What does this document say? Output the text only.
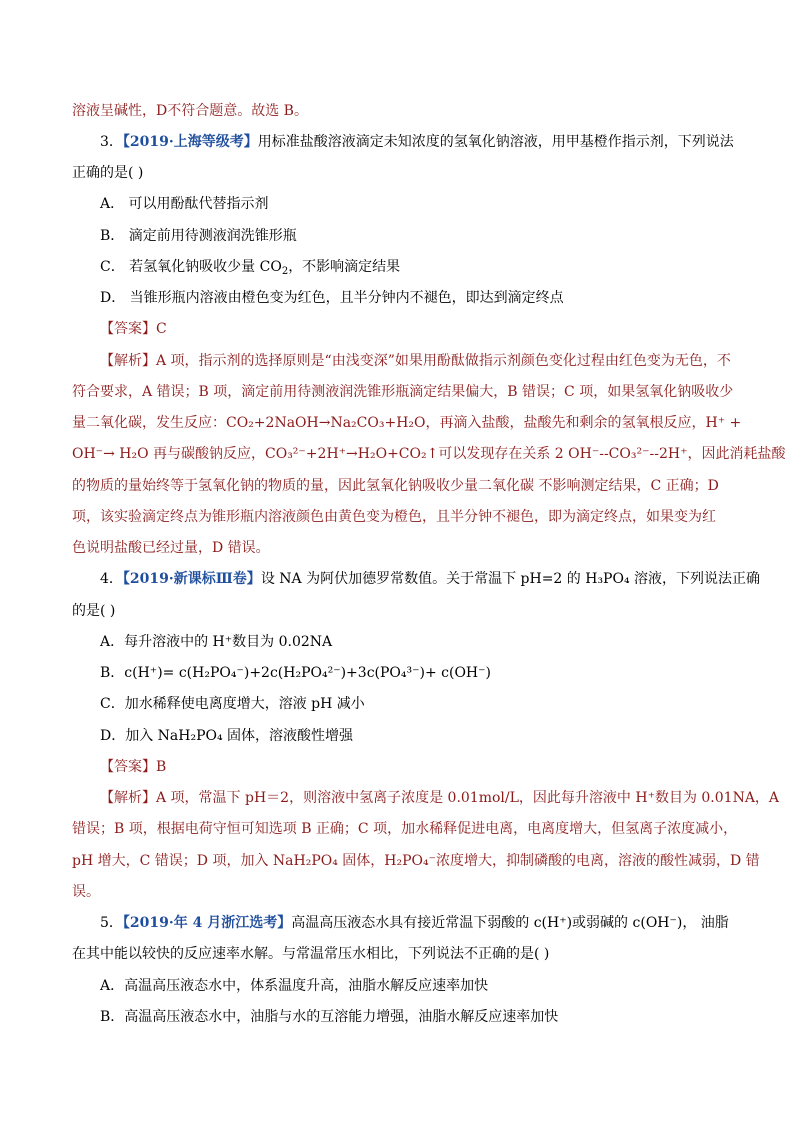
溶液呈碱性，D不符合题意。故选 B。
3．【2019·上海等级考】用标准盐酸溶液滴定未知浓度的氢氧化钠溶液，用甲基橙作指示剂，下列说法
正确的是( )
A． 可以用酚酞代替指示剂
B． 滴定前用待测液润洗锥形瓶
C． 若氢氧化钠吸收少量 $CO_2$，不影响滴定结果
D． 当锥形瓶内溶液由橙色变为红色，且半分钟内不褪色，即达到滴定终点
【答案】C
【解析】A 项，指示剂的选择原则是“由浅变深”如果用酚酞做指示剂颜色变化过程由红色变为无色，不
符合要求，A 错误；B 项，滴定前用待测液润洗锥形瓶滴定结果偏大，B 错误；C 项，如果氢氧化钠吸收少
量二氧化碳，发生反应：CO₂+2NaOH→Na₂CO₃+H₂O，再滴入盐酸，盐酸先和剩余的氢氧根反应，H⁺ +
OH⁻→ H₂O 再与碳酸钠反应，CO₃²⁻+2H⁺→H₂O+CO₂↑可以发现存在关系 2 OH⁻--CO₃²⁻--2H⁺，因此消耗盐酸
的物质的量始终等于氢氧化钠的物质的量，因此氢氧化钠吸收少量二氧化碳 不影响测定结果，C 正确；D
项，该实验滴定终点为锥形瓶内溶液颜色由黄色变为橙色，且半分钟不褪色，即为滴定终点，如果变为红
色说明盐酸已经过量，D 错误。
4．【2019·新课标Ⅲ卷】设 NA 为阿伏加德罗常数值。关于常温下 pH=2 的 H₃PO₄ 溶液，下列说法正确
的是( )
A．每升溶液中的 H⁺数目为 0.02NA
B．c(H⁺)= c(H₂PO₄⁻)+2c(H₂PO₄²⁻)+3c(PO₄³⁻)+ c(OH⁻)
C．加水稀释使电离度增大，溶液 pH 减小
D．加入 NaH₂PO₄ 固体，溶液酸性增强
【答案】B
【解析】A 项，常温下 pH＝2，则溶液中氢离子浓度是 0.01mol/L，因此每升溶液中 H⁺数目为 0.01NA，A
错误；B 项，根据电荷守恒可知选项 B 正确；C 项，加水稀释促进电离，电离度增大，但氢离子浓度减小，
pH 增大，C 错误；D 项，加入 NaH₂PO₄ 固体，H₂PO₄⁻浓度增大，抑制磷酸的电离，溶液的酸性减弱，D 错
误。
5．【2019·年 4 月浙江选考】高温高压液态水具有接近常温下弱酸的 c(H⁺)或弱碱的 c(OH⁻)， 油脂
在其中能以较快的反应速率水解。与常温常压水相比，下列说法不正确的是( )
A．高温高压液态水中，体系温度升高，油脂水解反应速率加快
B．高温高压液态水中，油脂与水的互溶能力增强，油脂水解反应速率加快
